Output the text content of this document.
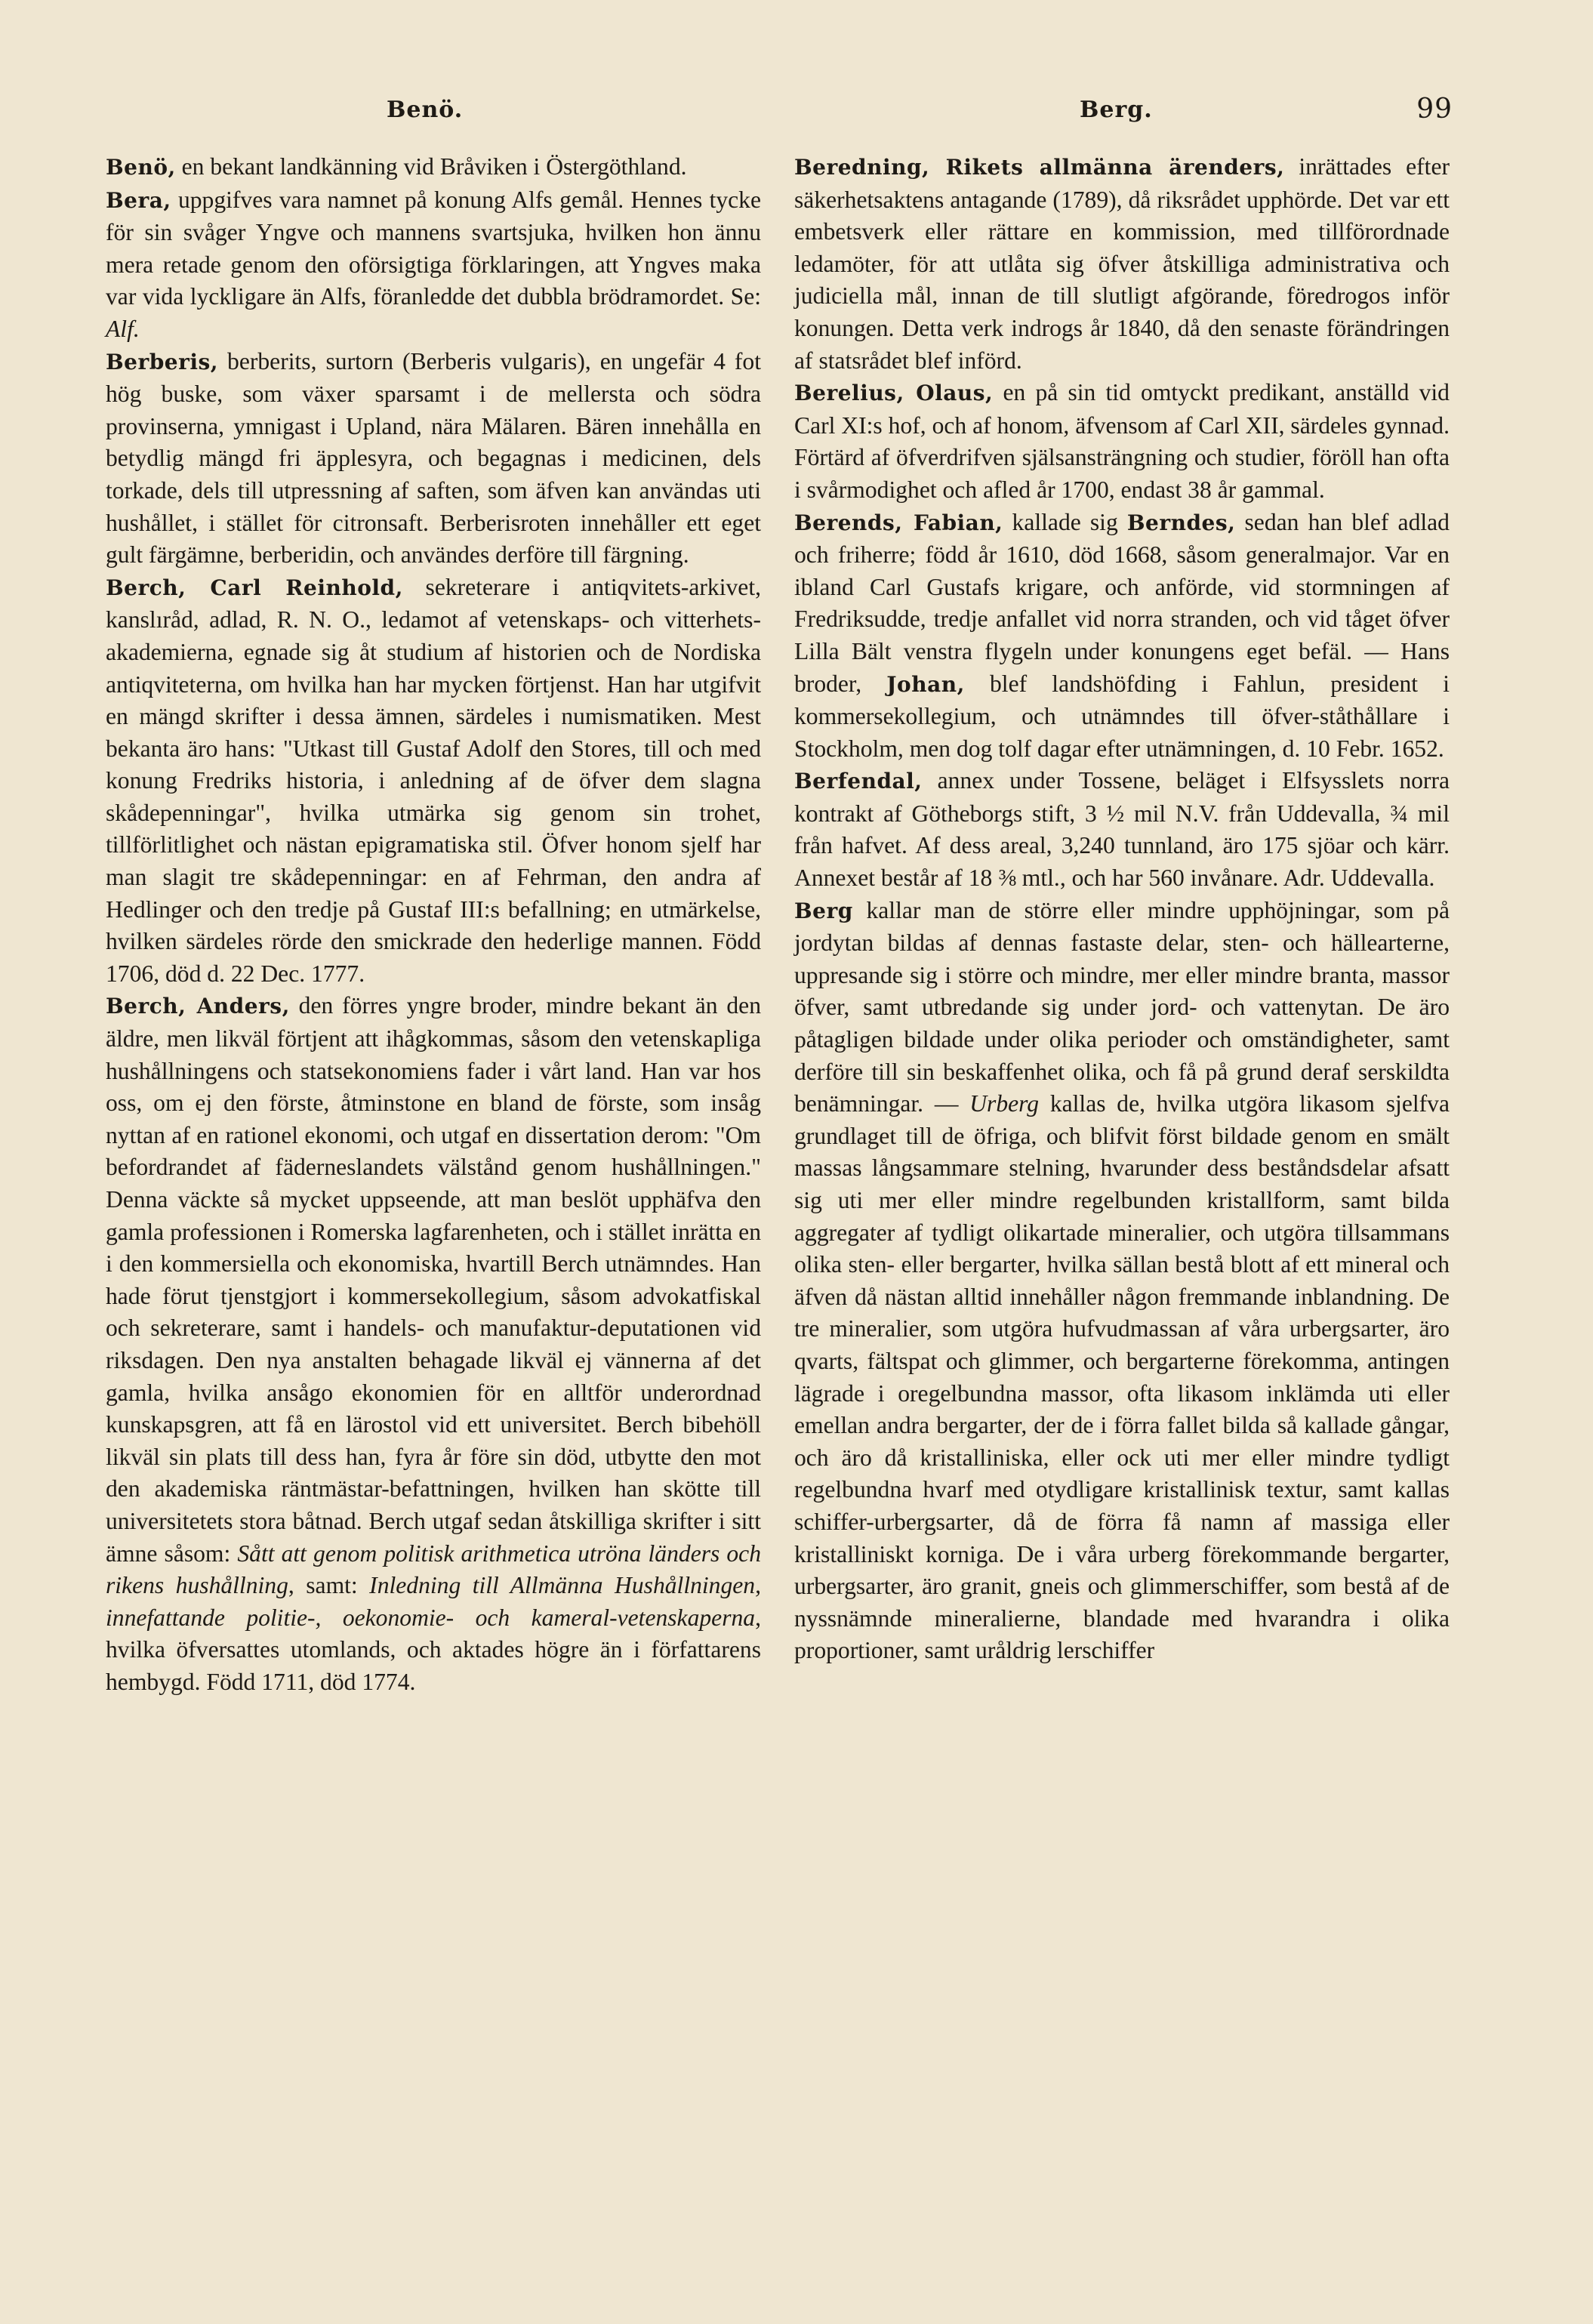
Benö.	Berg.	99

Benö, en bekant landkänning vid Bråviken i Östergöthland.

Bera, uppgifves vara namnet på konung Alfs gemål. Hennes tycke för sin svåger Yngve och mannens svartsjuka, hvilken hon ännu mera retade genom den oförsigtiga förklaringen, att Yngves maka var vida lyckligare än Alfs, föranledde det dubbla brödramordet. Se: Alf.

Berberis, berberits, surtorn (Berberis vulgaris), en ungefär 4 fot hög buske, som växer sparsamt i de mellersta och södra provinserna, ymnigast i Upland, nära Mälaren. Bären innehålla en betydlig mängd fri äpplesyra, och begagnas i medicinen, dels torkade, dels till utpressning af saften, som äfven kan användas uti hushållet, i stället för citronsaft. Berberisroten innehåller ett eget gult färgämne, berberidin, och användes derföre till färgning.

Berch, Carl Reinhold, sekreterare i antiqvitets-arkivet, kanslıråd, adlad, R. N. O., ledamot af vetenskaps- och vitterhets-akademierna, egnade sig åt studium af historien och de Nordiska antiqviteterna, om hvilka han har mycken förtjenst. Han har utgifvit en mängd skrifter i dessa ämnen, särdeles i numismatiken. Mest bekanta äro hans: "Utkast till Gustaf Adolf den Stores, till och med konung Fredriks historia, i anledning af de öfver dem slagna skådepenningar", hvilka utmärka sig genom sin trohet, tillförlitlighet och nästan epigramatiska stil. Öfver honom sjelf har man slagit tre skådepenningar: en af Fehrman, den andra af Hedlinger och den tredje på Gustaf III:s befallning; en utmärkelse, hvilken särdeles rörde den smickrade den hederlige mannen. Född 1706, död d. 22 Dec. 1777.

Berch, Anders, den förres yngre broder, mindre bekant än den äldre, men likväl förtjent att ihågkommas, såsom den vetenskapliga hushållningens och statsekonomiens fader i vårt land. Han var hos oss, om ej den förste, åtminstone en bland de förste, som insåg nyttan af en rationel ekonomi, och utgaf en dissertation derom: "Om befordrandet af fäderneslandets välstånd genom hushållningen." Denna väckte så mycket uppseende, att man beslöt upphäfva den gamla professionen i Romerska lagfarenheten, och i stället inrätta en i den kommersiella och ekonomiska, hvartill Berch utnämndes. Han hade förut tjenstgjort i kommersekollegium, såsom advokatfiskal och sekreterare, samt i handels- och manufaktur-deputationen vid riksdagen. Den nya anstalten behagade likväl ej vännerna af det gamla, hvilka ansågo ekonomien för en alltför underordnad kunskapsgren, att få en lärostol vid ett universitet. Berch bibehöll likväl sin plats till dess han, fyra år före sin död, utbytte den mot den akademiska räntmästar-befattningen, hvilken han skötte till universitetets stora båtnad. Berch utgaf sedan åtskilliga skrifter i sitt ämne såsom: Sått att genom politisk arithmetica utröna länders och rikens hushållning, samt: Inledning till Allmänna Hushållningen, innefattande politie-, oekonomie- och kameral-vetenskaperna, hvilka öfversattes utomlands, och aktades högre än i författarens hembygd. Född 1711, död 1774.

Beredning, Rikets allmänna ärenders, inrättades efter säkerhetsaktens antagande (1789), då riksrådet upphörde. Det var ett embetsverk eller rättare en kommission, med tillförordnade ledamöter, för att utlåta sig öfver åtskilliga administrativa och judiciella mål, innan de till slutligt afgörande, föredrogos inför konungen. Detta verk indrogs år 1840, då den senaste förändringen af statsrådet blef införd.

Berelius, Olaus, en på sin tid omtyckt predikant, anställd vid Carl XI:s hof, och af honom, äfvensom af Carl XII, särdeles gynnad. Förtärd af öfverdrifven själsansträngning och studier, föröll han ofta i svårmodighet och afled år 1700, endast 38 år gammal.

Berends, Fabian, kallade sig Berndes, sedan han blef adlad och friherre; född år 1610, död 1668, såsom generalmajor. Var en ibland Carl Gustafs krigare, och anförde, vid stormningen af Fredriksudde, tredje anfallet vid norra stranden, och vid tåget öfver Lilla Bält venstra flygeln under konungens eget befäl. — Hans broder, Johan, blef landshöfding i Fahlun, president i kommersekollegium, och utnämndes till öfver-ståthållare i Stockholm, men dog tolf dagar efter utnämningen, d. 10 Febr. 1652.

Berfendal, annex under Tossene, beläget i Elfsysslets norra kontrakt af Götheborgs stift, 3 ½ mil N.V. från Uddevalla, ¾ mil från hafvet. Af dess areal, 3,240 tunnland, äro 175 sjöar och kärr. Annexet består af 18 ⅜ mtl., och har 560 invånare. Adr. Uddevalla.

Berg kallar man de större eller mindre upphöjningar, som på jordytan bildas af dennas fastaste delar, sten- och hällearterne, uppresande sig i större och mindre, mer eller mindre branta, massor öfver, samt utbredande sig under jord- och vattenytan. De äro påtagligen bildade under olika perioder och omständigheter, samt derföre till sin beskaffenhet olika, och få på grund deraf serskildta benämningar. — Urberg kallas de, hvilka utgöra likasom sjelfva grundlaget till de öfriga, och blifvit först bildade genom en smält massas långsammare stelning, hvarunder dess beståndsdelar afsatt sig uti mer eller mindre regelbunden kristallform, samt bilda aggregater af tydligt olikartade mineralier, och utgöra tillsammans olika sten- eller bergarter, hvilka sällan bestå blott af ett mineral och äfven då nästan alltid innehåller någon fremmande inblandning. De tre mineralier, som utgöra hufvudmassan af våra urbergsarter, äro qvarts, fältspat och glimmer, och bergarterne förekomma, antingen lägrade i oregelbundna massor, ofta likasom inklämda uti eller emellan andra bergarter, der de i förra fallet bilda så kallade gångar, och äro då kristalliniska, eller ock uti mer eller mindre tydligt regelbundna hvarf med otydligare kristallinisk textur, samt kallas schiffer-urbergsarter, då de förra få namn af massiga eller kristalliniskt korniga. De i våra urberg förekommande bergarter, urbergsarter, äro granit, gneis och glimmerschiffer, som bestå af de nyssnämnde mineralierne, blandade med hvarandra i olika proportioner, samt uråldrig lerschiffer
